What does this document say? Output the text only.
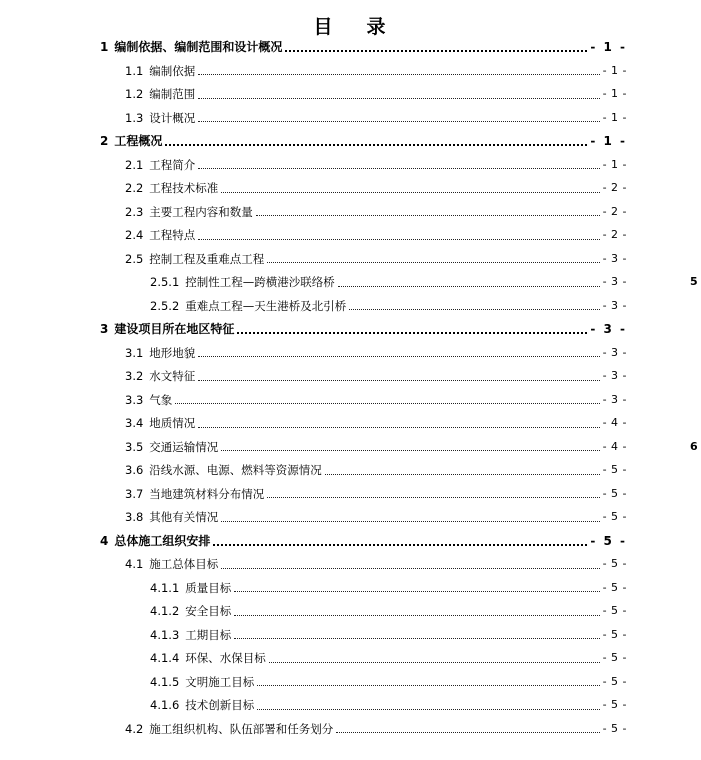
目 录
1 编制依据、编制范围和设计概况	- 1 -
1.1 编制依据	- 1 -
1.2 编制范围	- 1 -
1.3 设计概况	- 1 -
2 工程概况	- 1 -
2.1 工程简介	- 1 -
2.2 工程技术标准	- 2 -
2.3 主要工程内容和数量	- 2 -
2.4 工程特点	- 2 -
2.5 控制工程及重难点工程	- 3 -
2.5.1 控制性工程—跨横港沙联络桥	- 3 -
2.5.2 重难点工程—天生港桥及北引桥	- 3 -
3 建设项目所在地区特征	- 3 -
3.1 地形地貌	- 3 -
3.2 水文特征	- 3 -
3.3 气象	- 3 -
3.4 地质情况	- 4 -
3.5 交通运输情况	- 4 -
3.6 沿线水源、电源、燃料等资源情况	- 5 -
3.7 当地建筑材料分布情况	- 5 -
3.8 其他有关情况	- 5 -
4 总体施工组织安排	- 5 -
4.1 施工总体目标	- 5 -
4.1.1 质量目标	- 5 -
4.1.2 安全目标	- 5 -
4.1.3 工期目标	- 5 -
4.1.4 环保、水保目标	- 5 -
4.1.5 文明施工目标	- 5 -
4.1.6 技术创新目标	- 5 -
4.2 施工组织机构、队伍部署和任务划分	- 5 -
5
6
